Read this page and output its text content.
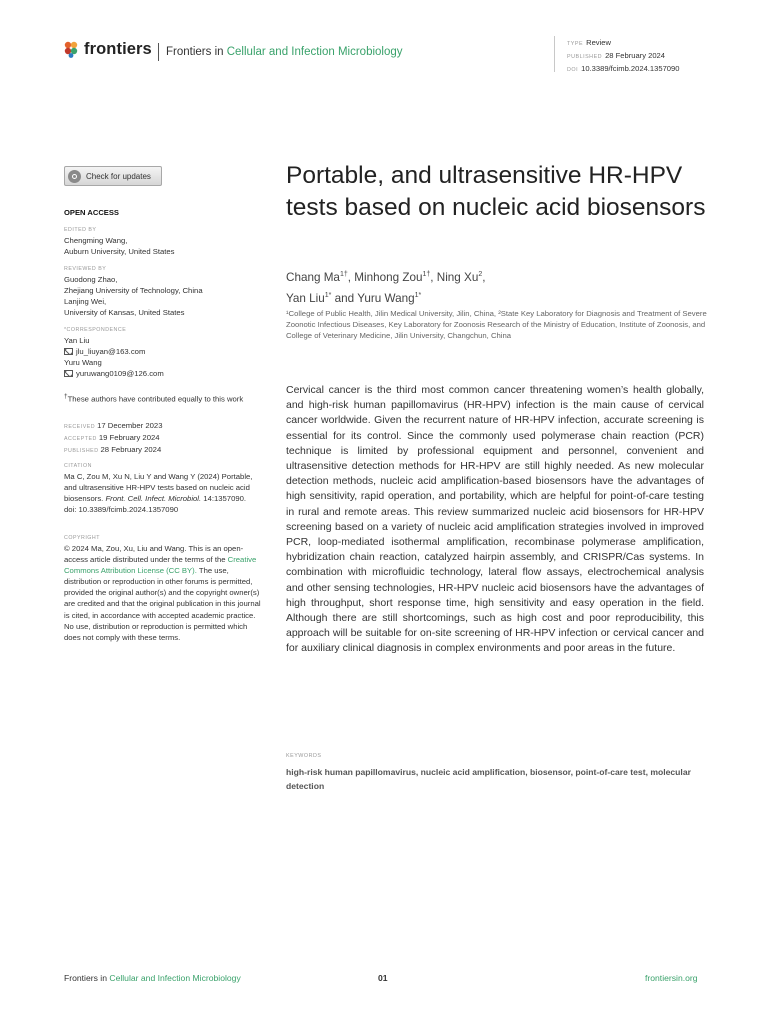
frontiers Frontiers in Cellular and Infection Microbiology
TYPE Review
PUBLISHED 28 February 2024
DOI 10.3389/fcimb.2024.1357090
Check for updates
OPEN ACCESS
EDITED BY
Chengming Wang,
Auburn University, United States
REVIEWED BY
Guodong Zhao,
Zhejiang University of Technology, China
Lanjing Wei,
University of Kansas, United States
*CORRESPONDENCE
Yan Liu
jlu_liuyan@163.com
Yuru Wang
yuruwang0109@126.com
†These authors have contributed equally to this work
RECEIVED 17 December 2023
ACCEPTED 19 February 2024
PUBLISHED 28 February 2024
CITATION
Ma C, Zou M, Xu N, Liu Y and Wang Y (2024) Portable, and ultrasensitive HR-HPV tests based on nucleic acid biosensors. Front. Cell. Infect. Microbiol. 14:1357090.
doi: 10.3389/fcimb.2024.1357090
COPYRIGHT
© 2024 Ma, Zou, Xu, Liu and Wang. This is an open-access article distributed under the terms of the Creative Commons Attribution License (CC BY). The use, distribution or reproduction in other forums is permitted, provided the original author(s) and the copyright owner(s) are credited and that the original publication in this journal is cited, in accordance with accepted academic practice. No use, distribution or reproduction is permitted which does not comply with these terms.
Portable, and ultrasensitive HR-HPV tests based on nucleic acid biosensors
Chang $Ma^{1\dagger}$, Minhong Zou$^{1\dagger}$, Ning Xu$^2$,
Yan Liu$^{1*}$ and Yuru Wang$^{1*}$
¹College of Public Health, Jilin Medical University, Jilin, China, ²State Key Laboratory for Diagnosis and Treatment of Severe Zoonotic Infectious Diseases, Key Laboratory for Zoonosis Research of the Ministry of Education, Institute of Zoonosis, and College of Veterinary Medicine, Jilin University, Changchun, China

Cervical cancer is the third most common cancer threatening women’s health globally, and high-risk human papillomavirus (HR-HPV) infection is the main cause of cervical cancer worldwide. Given the recurrent nature of HR-HPV infection, accurate screening is essential for its control. Since the commonly used polymerase chain reaction (PCR) technique is limited by professional equipment and personnel, convenient and ultrasensitive detection methods for HR-HPV are still highly needed. As new molecular detection methods, nucleic acid amplification-based biosensors have the advantages of high sensitivity, rapid operation, and portability, which are helpful for point-of-care testing in rural and remote areas. This review summarized nucleic acid biosensors for HR-HPV screening based on a variety of nucleic acid amplification strategies involved in improved PCR, loop-mediated isothermal amplification, recombinase polymerase amplification, hybridization chain reaction, catalyzed hairpin assembly, and CRISPR/Cas systems. In combination with microfluidic technology, lateral flow assays, electrochemical analysis and other sensing technologies, HR-HPV nucleic acid biosensors have the advantages of high throughput, short response time, high sensitivity and easy operation in the field. Although there are still shortcomings, such as high cost and poor reproducibility, this approach will be suitable for on-site screening of HR-HPV infection or cervical cancer and for auxiliary clinical diagnosis in complex environments and poor areas in the future.

KEYWORDS
high-risk human papillomavirus, nucleic acid amplification, biosensor, point-of-care test, molecular detection
Frontiers in Cellular and Infection Microbiology	01	frontiersin.org
